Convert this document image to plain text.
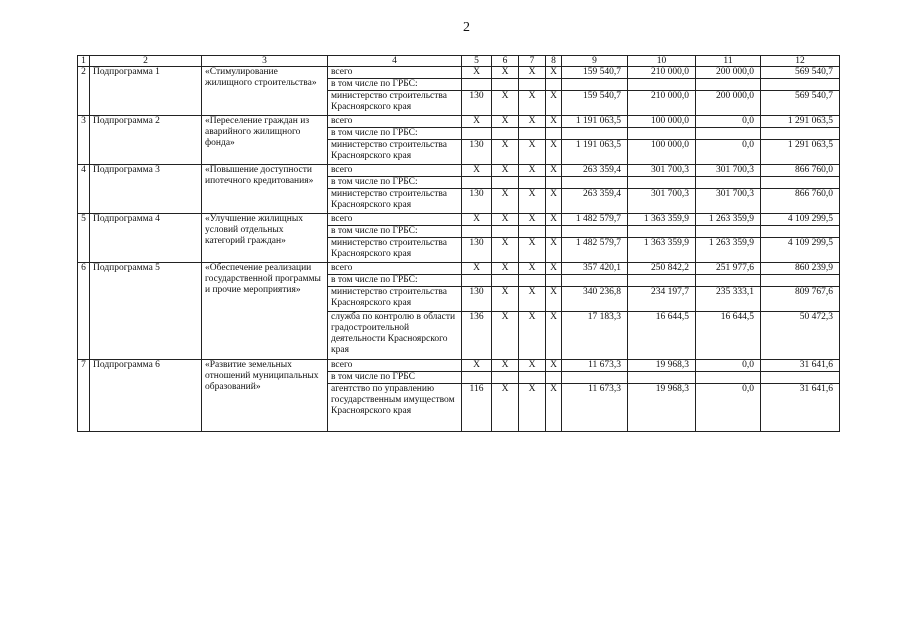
2
1	2	3	4	5	6	7	8	9	10	11	12
2	Подпрограмма 1	«Стимулирование жилищного строительства»	всего	X	X	X	X	159 540,7	210 000,0	200 000,0	569 540,7
			в том числе по ГРБС:								
			министерство строительства Красноярского края	130	X	X	X	159 540,7	210 000,0	200 000,0	569 540,7
3	Подпрограмма 2	«Переселение граждан из аварийного жилищного фонда»	всего	X	X	X	X	1 191 063,5	100 000,0	0,0	1 291 063,5
			в том числе по ГРБС:								
			министерство строительства Красноярского края	130	X	X	X	1 191 063,5	100 000,0	0,0	1 291 063,5
4	Подпрограмма 3	«Повышение доступности ипотечного кредитования»	всего	X	X	X	X	263 359,4	301 700,3	301 700,3	866 760,0
			в том числе по ГРБС:								
			министерство строительства Красноярского края	130	X	X	X	263 359,4	301 700,3	301 700,3	866 760,0
5	Подпрограмма 4	«Улучшение жилищных условий отдельных категорий граждан»	всего	X	X	X	X	1 482 579,7	1 363 359,9	1 263 359,9	4 109 299,5
			в том числе по ГРБС:								
			министерство строительства Красноярского края	130	X	X	X	1 482 579,7	1 363 359,9	1 263 359,9	4 109 299,5
6	Подпрограмма 5	«Обеспечение реализации государственной программы и прочие мероприятия»	всего	X	X	X	X	357 420,1	250 842,2	251 977,6	860 239,9
			в том числе по ГРБС:								
			министерство строительства Красноярского края	130	X	X	X	340 236,8	234 197,7	235 333,1	809 767,6
			служба по контролю в области градостроительной деятельности Красноярского края	136	X	X	X	17 183,3	16 644,5	16 644,5	50 472,3
7	Подпрограмма 6	«Развитие земельных отношений муниципальных образований»	всего	X	X	X	X	11 673,3	19 968,3	0,0	31 641,6
			в том числе по ГРБС								
			агентство по управлению государственным имуществом Красноярского края	116	X	X	X	11 673,3	19 968,3	0,0	31 641,6
